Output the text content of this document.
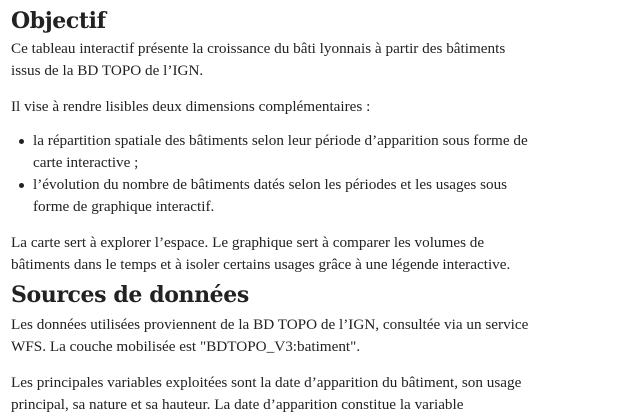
Objectif

Ce tableau interactif présente la croissance du bâti lyonnais à partir des bâtiments issus de la BD TOPO de l’IGN.

Il vise à rendre lisibles deux dimensions complémentaires :

la répartition spatiale des bâtiments selon leur période d’apparition sous forme de carte interactive ;
l’évolution du nombre de bâtiments datés selon les périodes et les usages sous forme de graphique interactif.

La carte sert à explorer l’espace. Le graphique sert à comparer les volumes de bâtiments dans le temps et à isoler certains usages grâce à une légende interactive.

Sources de données

Les données utilisées proviennent de la BD TOPO de l’IGN, consultée via un service WFS. La couche mobilisée est "BDTOPO_V3:batiment".

Les principales variables exploitées sont la date d’apparition du bâtiment, son usage principal, sa nature et sa hauteur. La date d’apparition constitue la variable
